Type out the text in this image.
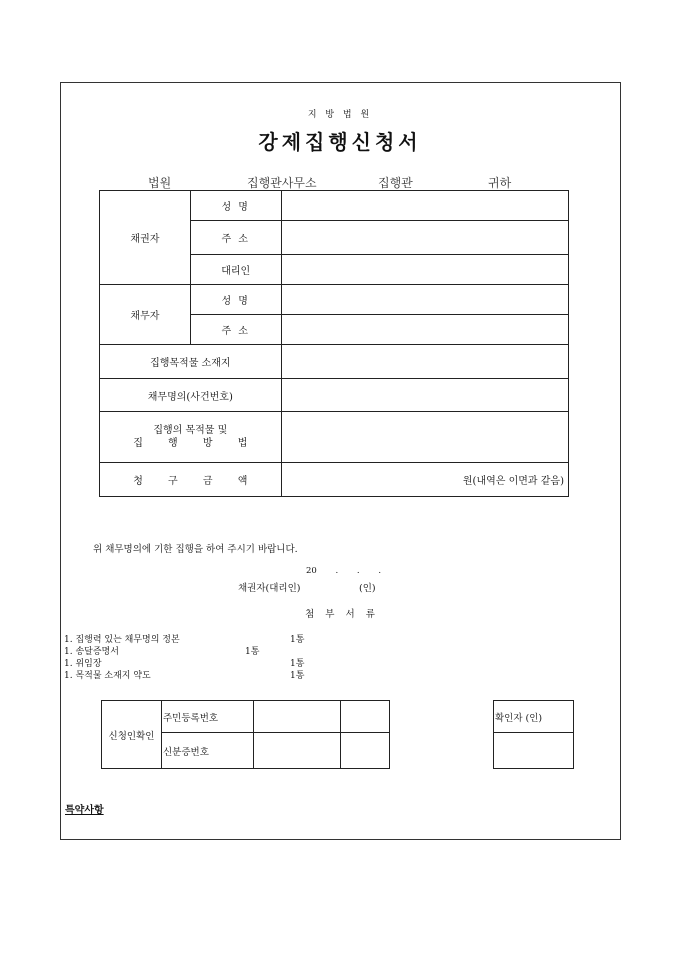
지 방 법 원
강제집행신청서
법원	집행관사무소	집행관	귀하
채권자	성 명	
	주 소	
	대리인	
채무자	성 명	
	주 소	
집행목적물 소재지		
채무명의(사건번호)		

집행의 목적물 및
집 행 방 법		

청 구 금 액		원(내역은 이면과 같음)
위 채무명의에 기한 집행을 하여 주시기 바랍니다.
20 . . .
채권자(대리인)	(인)
첨 부 서 류
1. 집행력 있는 채무명의 정본	1통
1. 송달증명서	1통
1. 위임장	1통
1. 목적물 소재지 약도	1통
신청인확인	주민등록번호		
	신분증번호		
확인자 (인)

특약사항
